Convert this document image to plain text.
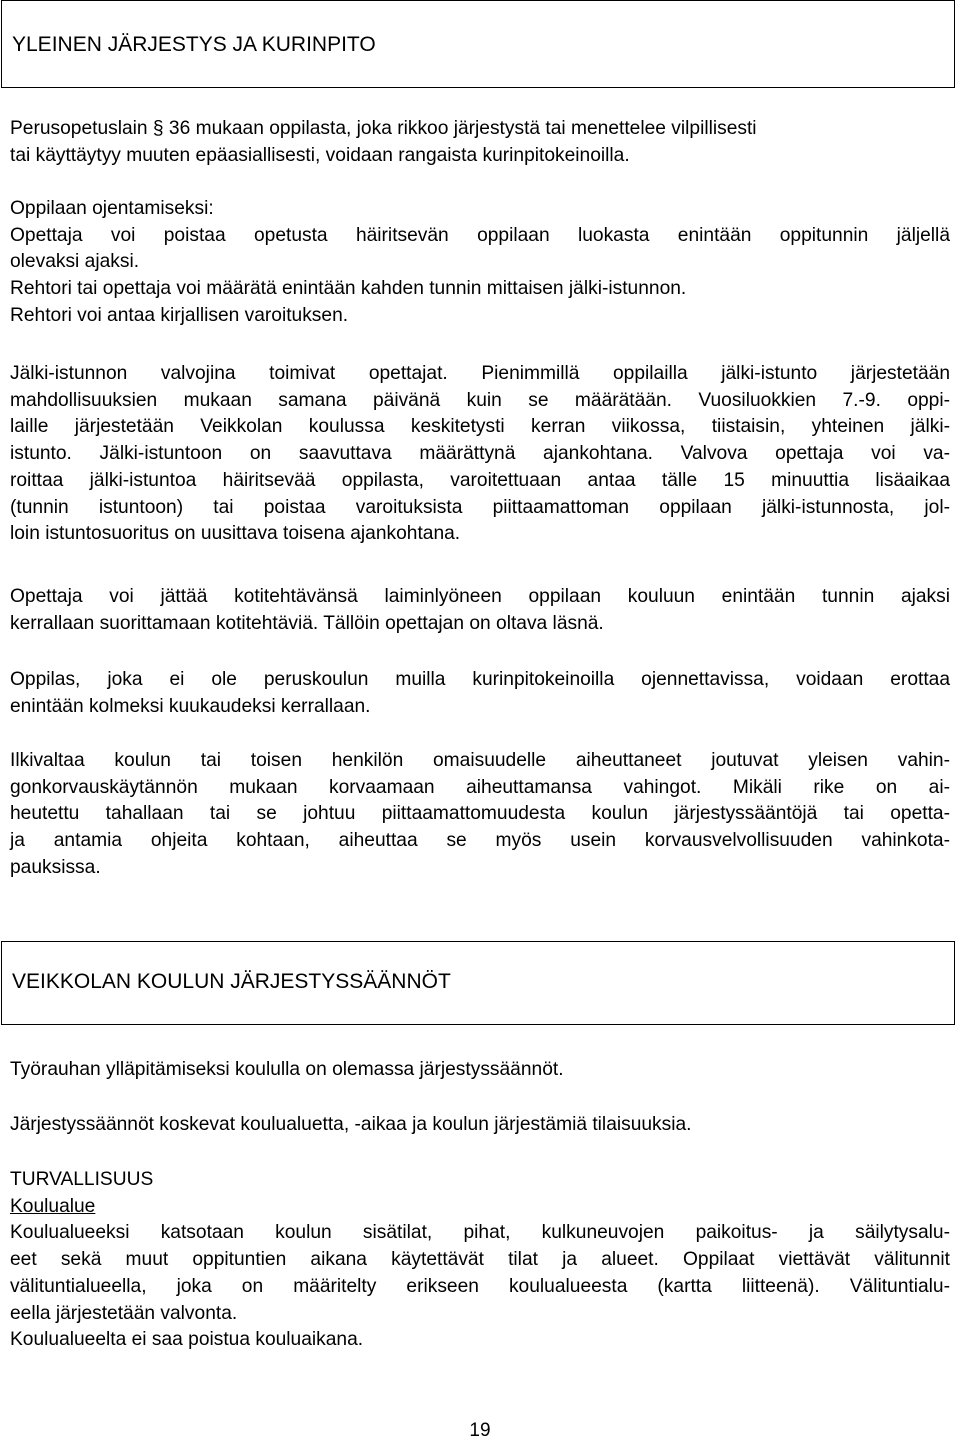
YLEINEN JÄRJESTYS JA KURINPITO
Perusopetuslain § 36 mukaan oppilasta, joka rikkoo järjestystä tai menettelee vilpillisesti
tai käyttäytyy muuten epäasiallisesti, voidaan rangaista kurinpitokeinoilla.
Oppilaan ojentamiseksi:
Opettaja voi poistaa opetusta häiritsevän oppilaan luokasta enintään oppitunnin jäljellä
olevaksi ajaksi.
Rehtori tai opettaja voi määrätä enintään kahden tunnin mittaisen jälki-istunnon.
Rehtori voi antaa kirjallisen varoituksen.
Jälki-istunnon valvojina toimivat opettajat. Pienimmillä oppilailla jälki-istunto järjestetään
mahdollisuuksien mukaan samana päivänä kuin se määrätään. Vuosiluokkien 7.-9. oppi-
laille järjestetään Veikkolan koulussa keskitetysti kerran viikossa, tiistaisin, yhteinen jälki-
istunto. Jälki-istuntoon on saavuttava määrättynä ajankohtana. Valvova opettaja voi va-
roittaa jälki-istuntoa häiritsevää oppilasta, varoitettuaan antaa tälle 15 minuuttia lisäaikaa
(tunnin istuntoon) tai poistaa varoituksista piittaamattoman oppilaan jälki-istunnosta, jol-
loin istuntosuoritus on uusittava toisena ajankohtana.
Opettaja voi jättää kotitehtävänsä laiminlyöneen oppilaan kouluun enintään tunnin ajaksi
kerrallaan suorittamaan kotitehtäviä. Tällöin opettajan on oltava läsnä.
Oppilas, joka ei ole peruskoulun muilla kurinpitokeinoilla ojennettavissa, voidaan erottaa
enintään kolmeksi kuukaudeksi kerrallaan.
Ilkivaltaa koulun tai toisen henkilön omaisuudelle aiheuttaneet joutuvat yleisen vahin-
gonkorvauskäytännön mukaan korvaamaan aiheuttamansa vahingot. Mikäli rike on ai-
heutettu tahallaan tai se johtuu piittaamattomuudesta koulun järjestyssääntöjä tai opetta-
ja antamia ohjeita kohtaan, aiheuttaa se myös usein korvausvelvollisuuden vahinkota-
pauksissa.
VEIKKOLAN KOULUN JÄRJESTYSSÄÄNNÖT
Työrauhan ylläpitämiseksi koululla on olemassa järjestyssäännöt.
Järjestyssäännöt koskevat koulualuetta, -aikaa ja koulun järjestämiä tilaisuuksia.
TURVALLISUUS
Koulualue
Koulualueeksi katsotaan koulun sisätilat, pihat, kulkuneuvojen paikoitus- ja säilytysalu-
eet sekä muut oppituntien aikana käytettävät tilat ja alueet. Oppilaat viettävät välitunnit
välituntialueella, joka on määritelty erikseen koulualueesta (kartta liitteenä). Välituntialu-
eella järjestetään valvonta.
Koulualueelta ei saa poistua kouluaikana.
19
